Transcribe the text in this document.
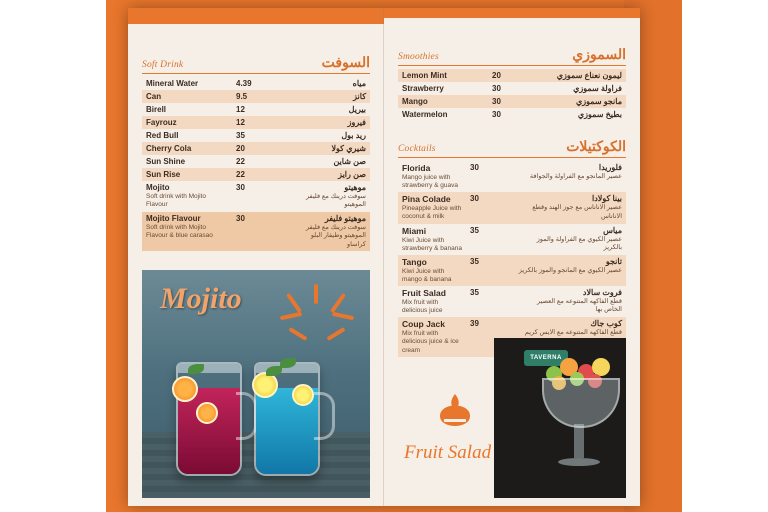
Soft Drink	السوفت
Mineral Water	4.39	مياه
Can	9.5	كانز
Birell	12	بيريل
Fayrouz	12	فيروز
Red Bull	35	ريد بول
Cherry Cola	20	شيري كولا
Sun Shine	22	صن شاين
Sun Rise	22	صن رايز
Mojito
Soft drink with Mojito Flavour	30	موهيتو
سوفت درينك مع فليفر الموهيتو

Mojito Flavour
Soft drink with Mojito Flavour & blue carasao	30	موهيتو فليفر
سوفت درينك مع فليفر الموهيتو وطيفار البلو كراساو
Mojito
Smoothies	السموزي
Lemon Mint	20	ليمون نعناع سموزي
Strawberry	30	فراولة سموزي
Mango	30	مانجو سموزي
Watermelon	30	بطيخ سموزي
Cocktails	الكوكتيلات
Florida
Mango juice with strawberry & guava	30	فلوريدا
عصير المانجو مع الفراولة والجوافة

Pina Colade
Pineapple Juice with coconut & milk	30	بينا كولادا
عصير الاناناس مع جوز الهند وقطع الاناناس

Miami
Kiwi Juice with strawberry & banana	35	مياس
عصير الكيوي مع الفراولة والموز بالكريز

Tango
Kiwi Juice with mango & banana	35	تانجو
عصير الكيوي مع المانجو والموز بالكريز

Fruit Salad
Mix fruit with delicious juice	35	فروت سالاد
قطع الفاكهه المتنوعه مع العصير الخاص بها

Coup Jack
Mix fruit with delicious juice & ice cream	39	كوب جاك
قطع الفاكهه المتنوعه مع الايس كريم
Fruit Salad
TAVERNA
